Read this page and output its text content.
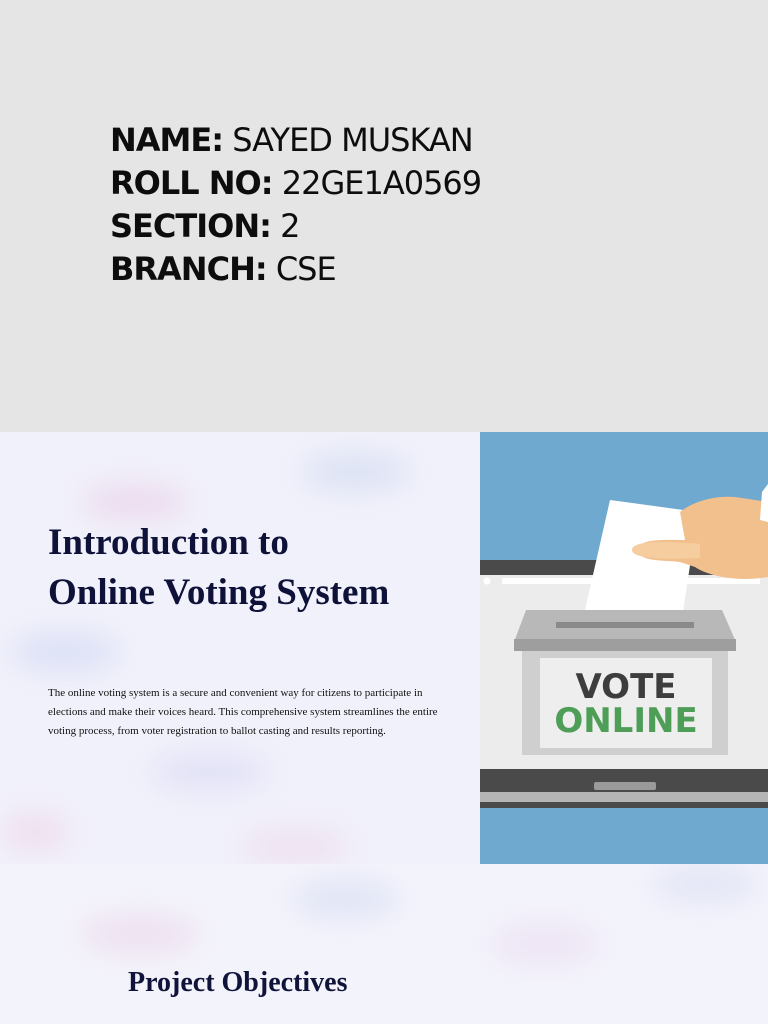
NAME: SAYED MUSKAN
ROLL NO: 22GE1A0569
SECTION: 2
BRANCH: CSE
Introduction to
Online Voting System

The online voting system is a secure and convenient way for citizens to participate in elections and make their voices heard. This comprehensive system streamlines the entire voting process, from voter registration to ballot casting and results reporting.

VOTE
ONLINE
Project Objectives
